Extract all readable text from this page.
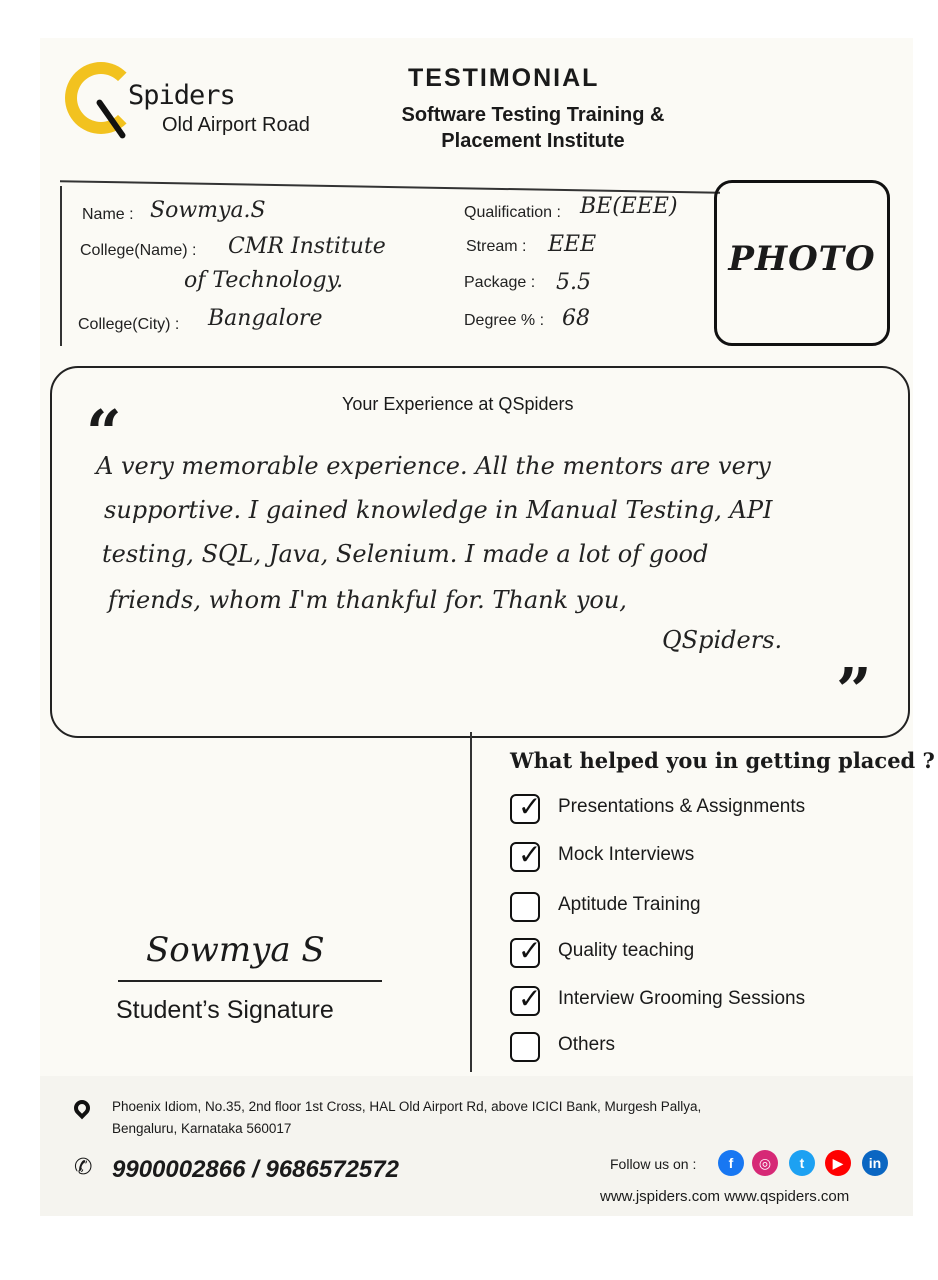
Spiders
Old Airport Road
TESTIMONIAL
Software Testing Training & Placement Institute
Name : Sowmya.S
College(Name) : CMR Institute
of Technology.
College(City) : Bangalore
Qualification : BE(EEE)
Stream : EEE
Package : 5.5
Degree % : 68
PHOTO
Your Experience at QSpiders
“
”
A very memorable experience. All the mentors are very
supportive. I gained knowledge in Manual Testing, API
testing, SQL, Java, Selenium. I made a lot of good
friends, whom I'm thankful for. Thank you,
QSpiders.
What helped you in getting placed ?
✓ Presentations & Assignments
✓ Mock Interviews
Aptitude Training
✓ Quality teaching
✓ Interview Grooming Sessions
Others
Sowmya S
Student’s Signature
Phoenix Idiom, No.35, 2nd floor 1st Cross, HAL Old Airport Rd, above ICICI Bank, Murgesh Pallya,
Bengaluru, Karnataka 560017
✆ 9900002866 / 9686572572	Follow us on :	f	◎	t	▶	in
www.jspiders.com www.qspiders.com
